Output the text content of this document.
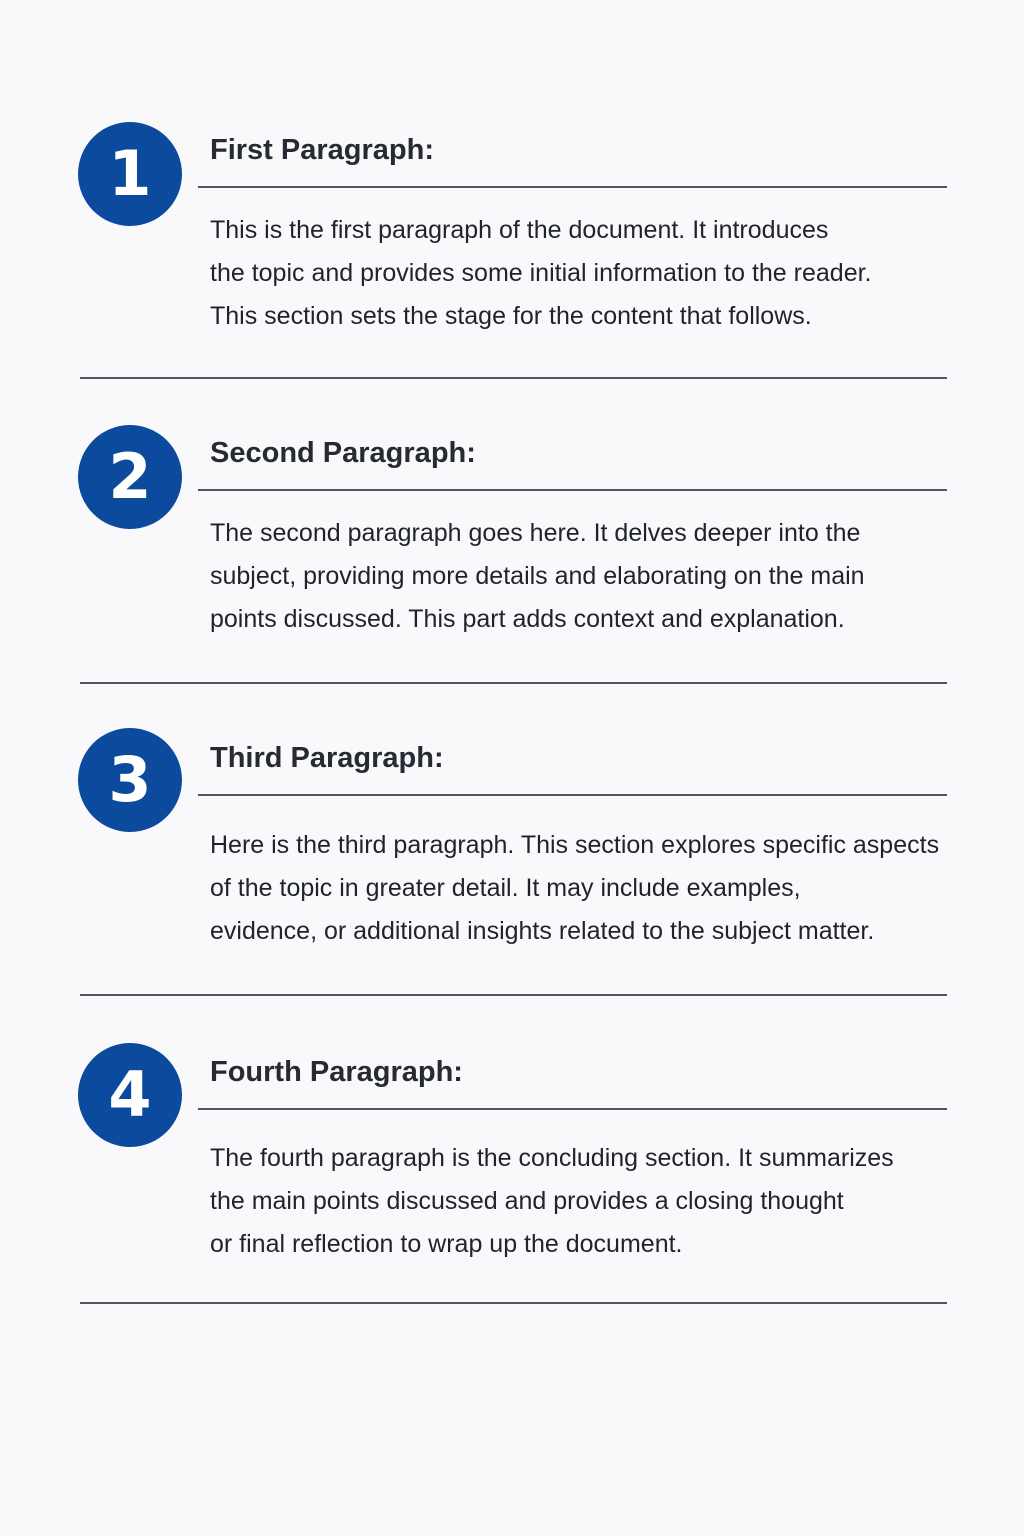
1	First Paragraph:
This is the first paragraph of the document. It introduces
the topic and provides some initial information to the reader.
This section sets the stage for the content that follows.
2	Second Paragraph:
The second paragraph goes here. It delves deeper into the
subject, providing more details and elaborating on the main
points discussed. This part adds context and explanation.
3	Third Paragraph:
Here is the third paragraph. This section explores specific aspects
of the topic in greater detail. It may include examples,
evidence, or additional insights related to the subject matter.
4	Fourth Paragraph:
The fourth paragraph is the concluding section. It summarizes
the main points discussed and provides a closing thought
or final reflection to wrap up the document.
